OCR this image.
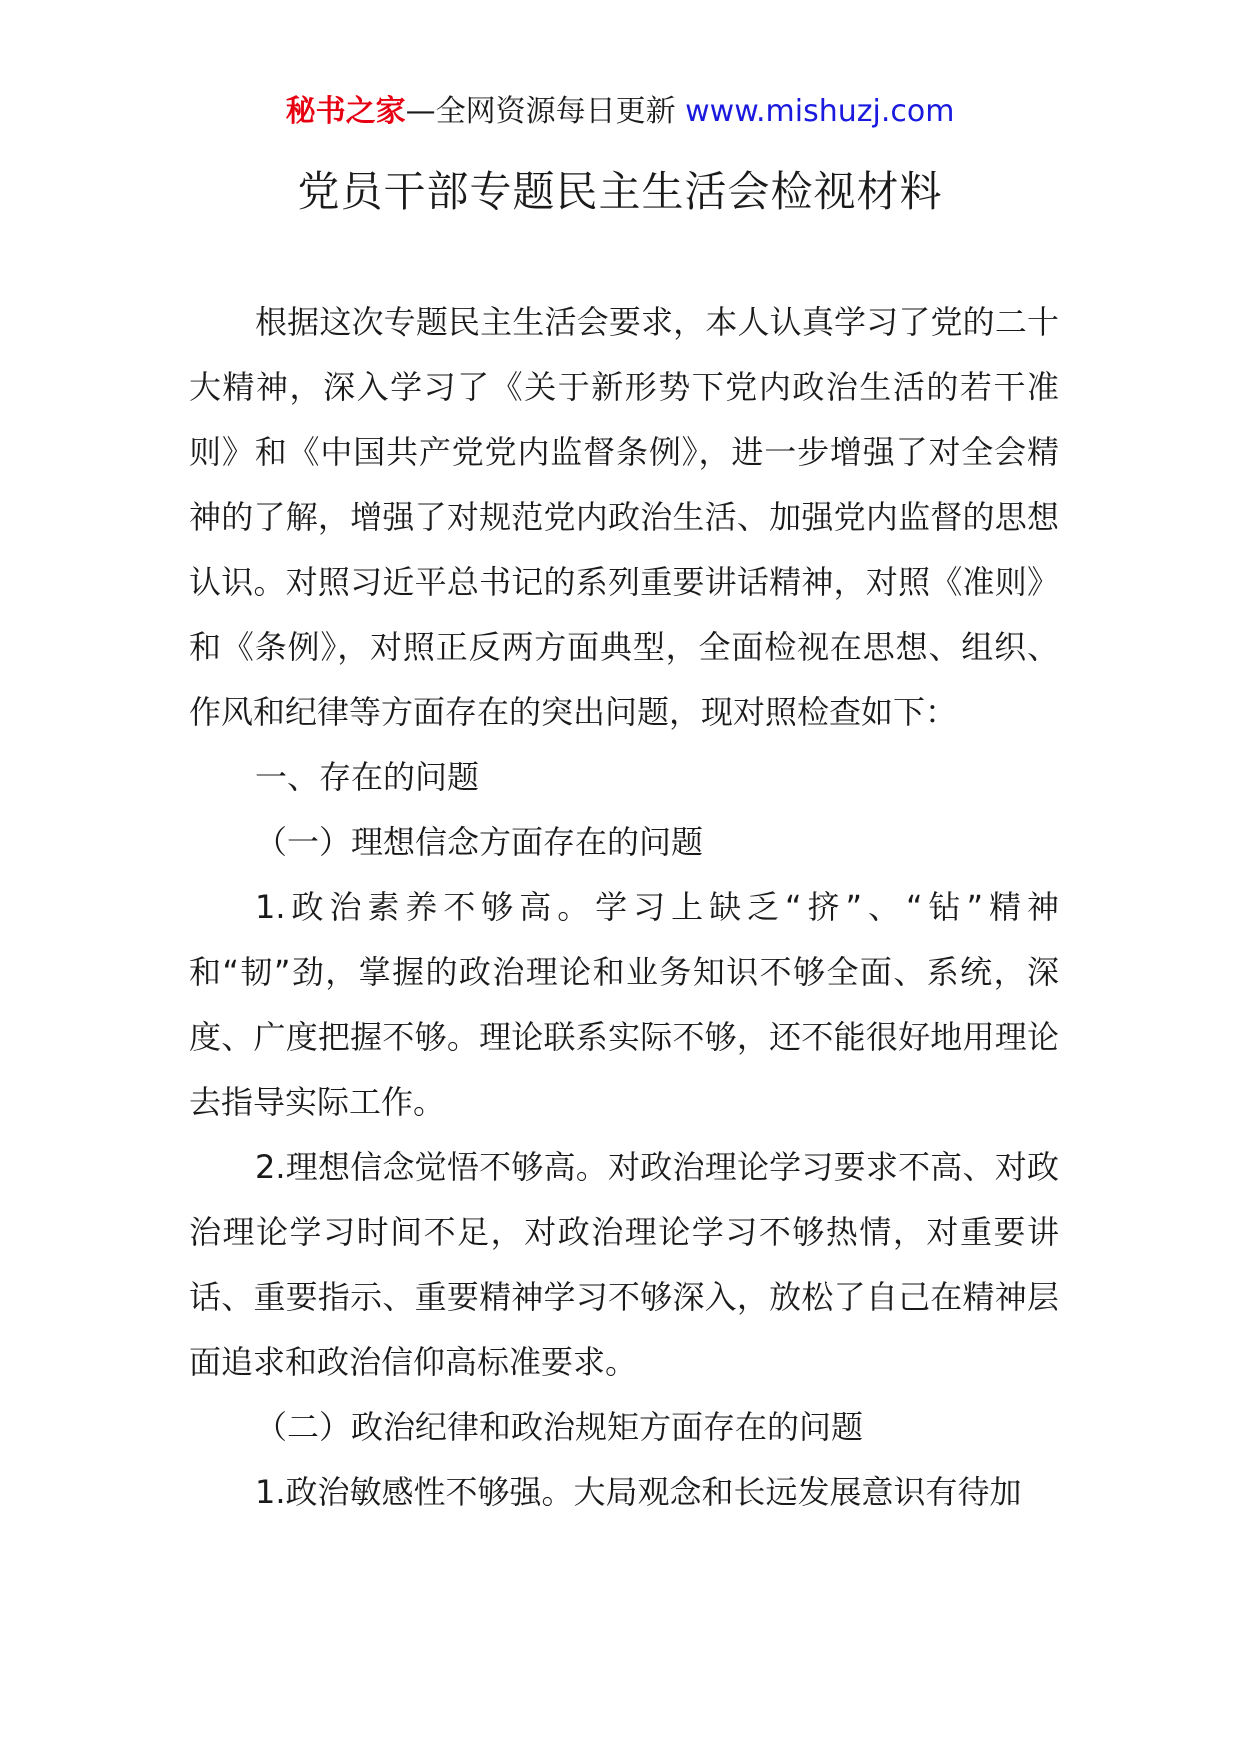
秘书之家—全网资源每日更新 www.mishuzj.com
党员干部专题民主生活会检视材料

根据这次专题民主生活会要求，本人认真学习了党的二十大精神，深入学习了《关于新形势下党内政治生活的若干准则》和《中国共产党党内监督条例》，进一步增强了对全会精神的了解，增强了对规范党内政治生活、加强党内监督的思想认识。对照习近平总书记的系列重要讲话精神，对照《准则》和《条例》，对照正反两方面典型，全面检视在思想、组织、作风和纪律等方面存在的突出问题，现对照检查如下：

一、存在的问题

（一）理想信念方面存在的问题

1.政治素养不够高。学习上缺乏“挤”、“钻”精神和“韧”劲，掌握的政治理论和业务知识不够全面、系统，深度、广度把握不够。理论联系实际不够，还不能很好地用理论去指导实际工作。

2.理想信念觉悟不够高。对政治理论学习要求不高、对政治理论学习时间不足，对政治理论学习不够热情，对重要讲话、重要指示、重要精神学习不够深入，放松了自己在精神层面追求和政治信仰高标准要求。

（二）政治纪律和政治规矩方面存在的问题

1.政治敏感性不够强。大局观念和长远发展意识有待加
